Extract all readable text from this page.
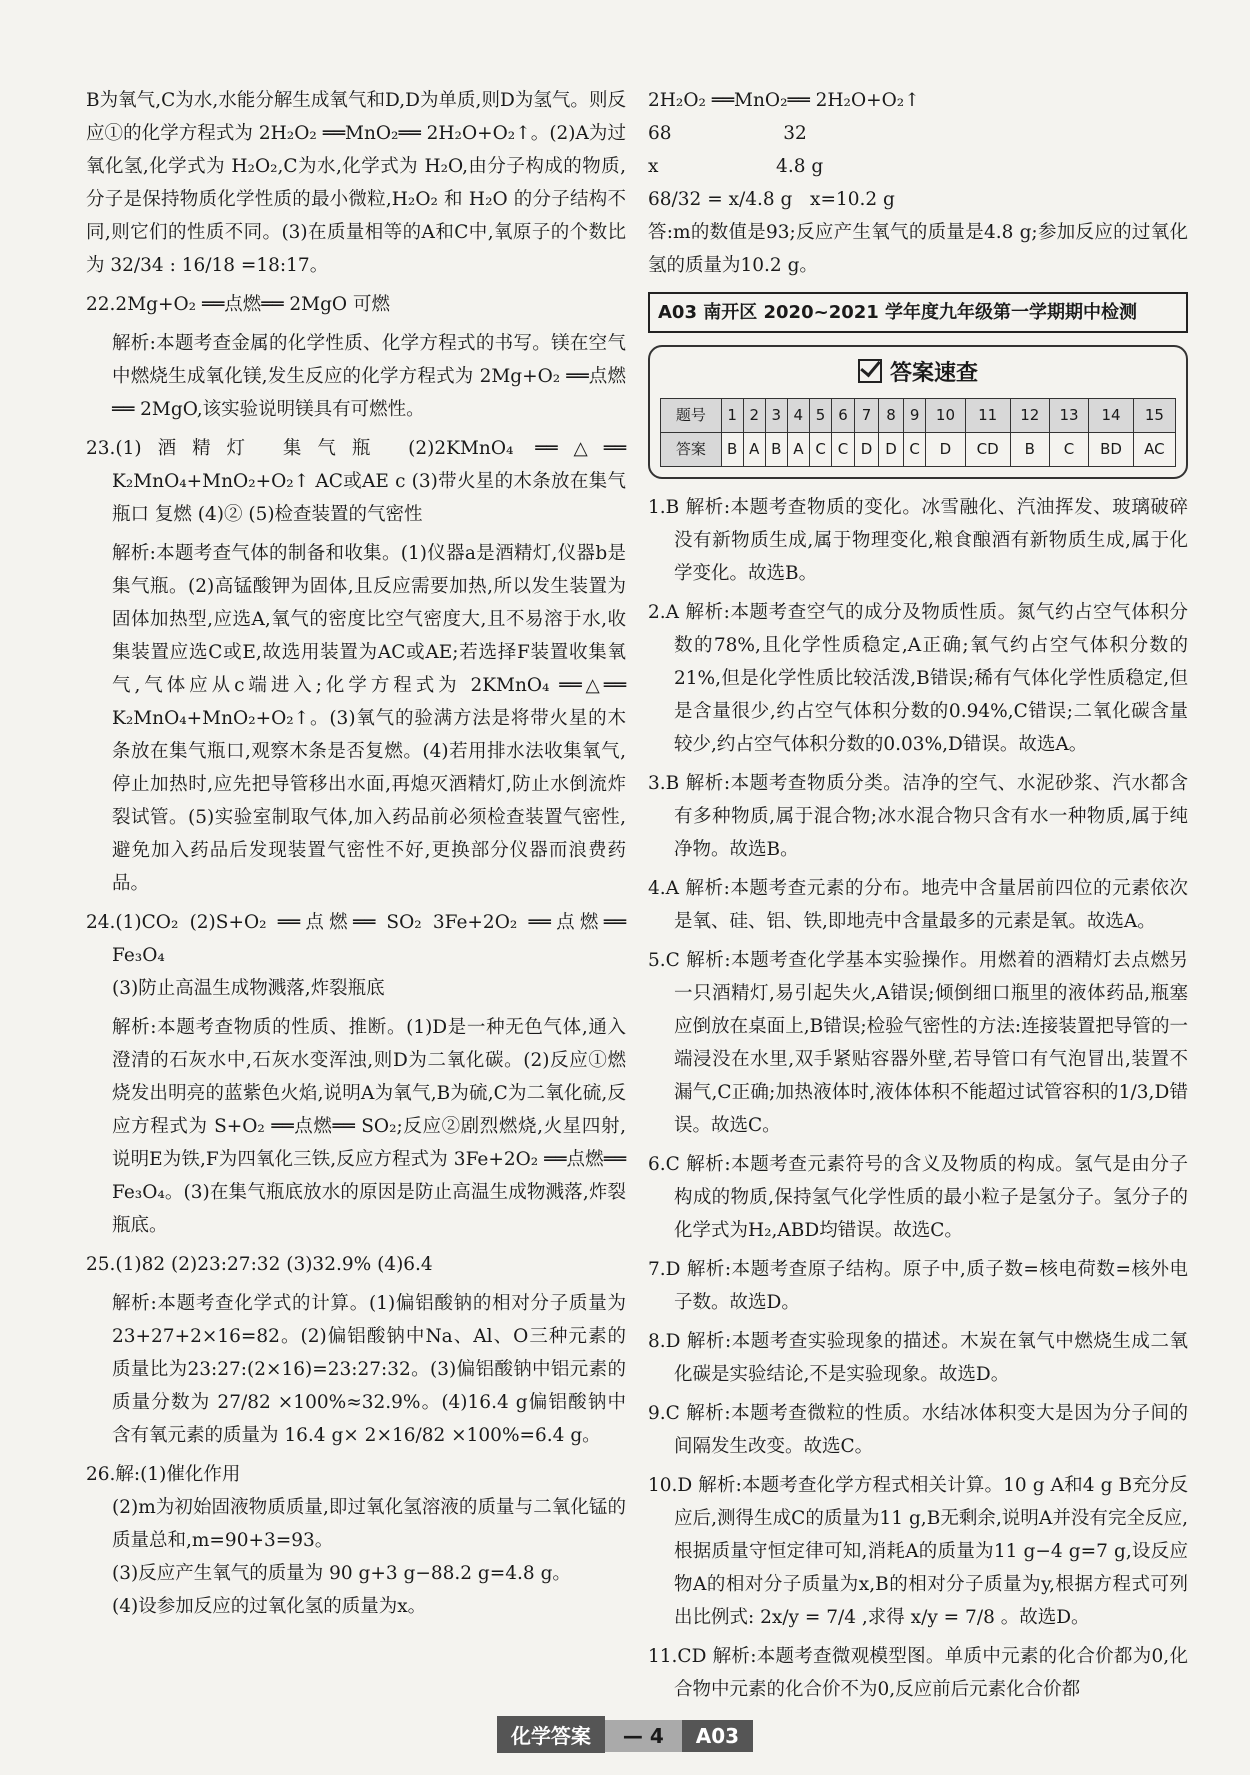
B为氧气,C为水,水能分解生成氧气和D,D为单质,则D为氢气。则反应①的化学方程式为 2H₂O₂ ══MnO₂══ 2H₂O+O₂↑。(2)A为过氧化氢,化学式为 H₂O₂,C为水,化学式为 H₂O,由分子构成的物质,分子是保持物质化学性质的最小微粒,H₂O₂ 和 H₂O 的分子结构不同,则它们的性质不同。(3)在质量相等的A和C中,氧原子的个数比为 32/34 : 16/18 =18:17。

22.2Mg+O₂ ══点燃══ 2MgO 可燃

解析:本题考查金属的化学性质、化学方程式的书写。镁在空气中燃烧生成氧化镁,发生反应的化学方程式为 2Mg+O₂ ══点燃══ 2MgO,该实验说明镁具有可燃性。

23.(1)酒精灯 集气瓶 (2)2KMnO₄ ══△══ K₂MnO₄+MnO₂+O₂↑ AC或AE c (3)带火星的木条放在集气瓶口 复燃 (4)② (5)检查装置的气密性

解析:本题考查气体的制备和收集。(1)仪器a是酒精灯,仪器b是集气瓶。(2)高锰酸钾为固体,且反应需要加热,所以发生装置为固体加热型,应选A,氧气的密度比空气密度大,且不易溶于水,收集装置应选C或E,故选用装置为AC或AE;若选择F装置收集氧气,气体应从c端进入;化学方程式为 2KMnO₄ ══△══ K₂MnO₄+MnO₂+O₂↑。(3)氧气的验满方法是将带火星的木条放在集气瓶口,观察木条是否复燃。(4)若用排水法收集氧气,停止加热时,应先把导管移出水面,再熄灭酒精灯,防止水倒流炸裂试管。(5)实验室制取气体,加入药品前必须检查装置气密性,避免加入药品后发现装置气密性不好,更换部分仪器而浪费药品。

24.(1)CO₂ (2)S+O₂ ══点燃══ SO₂ 3Fe+2O₂ ══点燃══ Fe₃O₄

(3)防止高温生成物溅落,炸裂瓶底

解析:本题考查物质的性质、推断。(1)D是一种无色气体,通入澄清的石灰水中,石灰水变浑浊,则D为二氧化碳。(2)反应①燃烧发出明亮的蓝紫色火焰,说明A为氧气,B为硫,C为二氧化硫,反应方程式为 S+O₂ ══点燃══ SO₂;反应②剧烈燃烧,火星四射,说明E为铁,F为四氧化三铁,反应方程式为 3Fe+2O₂ ══点燃══ Fe₃O₄。(3)在集气瓶底放水的原因是防止高温生成物溅落,炸裂瓶底。

25.(1)82 (2)23:27:32 (3)32.9% (4)6.4

解析:本题考查化学式的计算。(1)偏铝酸钠的相对分子质量为23+27+2×16=82。(2)偏铝酸钠中Na、Al、O三种元素的质量比为23:27:(2×16)=23:27:32。(3)偏铝酸钠中铝元素的质量分数为 27/82 ×100%≈32.9%。(4)16.4 g偏铝酸钠中含有氧元素的质量为 16.4 g× 2×16/82 ×100%=6.4 g。

26.解:(1)催化作用

(2)m为初始固液物质质量,即过氧化氢溶液的质量与二氧化锰的质量总和,m=90+3=93。

(3)反应产生氧气的质量为 90 g+3 g−88.2 g=4.8 g。

(4)设参加反应的过氧化氢的质量为x。

2H₂O₂ ══MnO₂══ 2H₂O+O₂↑
68                   32
x                    4.8 g
68/32 = x/4.8 g   x=10.2 g

答:m的数值是93;反应产生氧气的质量是4.8 g;参加反应的过氧化氢的质量为10.2 g。

A03 南开区 2020~2021 学年度九年级第一学期期中检测
答案速查
题号	1	2	3	4	5	6	7	8	9	10	11	12	13	14	15
答案	B	A	B	A	C	C	D	D	C	D	CD	B	C	BD	AC

1.B 解析:本题考查物质的变化。冰雪融化、汽油挥发、玻璃破碎没有新物质生成,属于物理变化,粮食酿酒有新物质生成,属于化学变化。故选B。

2.A 解析:本题考查空气的成分及物质性质。氮气约占空气体积分数的78%,且化学性质稳定,A正确;氧气约占空气体积分数的21%,但是化学性质比较活泼,B错误;稀有气体化学性质稳定,但是含量很少,约占空气体积分数的0.94%,C错误;二氧化碳含量较少,约占空气体积分数的0.03%,D错误。故选A。

3.B 解析:本题考查物质分类。洁净的空气、水泥砂浆、汽水都含有多种物质,属于混合物;冰水混合物只含有水一种物质,属于纯净物。故选B。

4.A 解析:本题考查元素的分布。地壳中含量居前四位的元素依次是氧、硅、铝、铁,即地壳中含量最多的元素是氧。故选A。

5.C 解析:本题考查化学基本实验操作。用燃着的酒精灯去点燃另一只酒精灯,易引起失火,A错误;倾倒细口瓶里的液体药品,瓶塞应倒放在桌面上,B错误;检验气密性的方法:连接装置把导管的一端浸没在水里,双手紧贴容器外壁,若导管口有气泡冒出,装置不漏气,C正确;加热液体时,液体体积不能超过试管容积的1/3,D错误。故选C。

6.C 解析:本题考查元素符号的含义及物质的构成。氢气是由分子构成的物质,保持氢气化学性质的最小粒子是氢分子。氢分子的化学式为H₂,ABD均错误。故选C。

7.D 解析:本题考查原子结构。原子中,质子数=核电荷数=核外电子数。故选D。

8.D 解析:本题考查实验现象的描述。木炭在氧气中燃烧生成二氧化碳是实验结论,不是实验现象。故选D。

9.C 解析:本题考查微粒的性质。水结冰体积变大是因为分子间的间隔发生改变。故选C。

10.D 解析:本题考查化学方程式相关计算。10 g A和4 g B充分反应后,测得生成C的质量为11 g,B无剩余,说明A并没有完全反应,根据质量守恒定律可知,消耗A的质量为11 g−4 g=7 g,设反应物A的相对分子质量为x,B的相对分子质量为y,根据方程式可列出比例式: 2x/y = 7/4 ,求得 x/y = 7/8 。故选D。

11.CD 解析:本题考查微观模型图。单质中元素的化合价都为0,化合物中元素的化合价不为0,反应前后元素化合价都

化学答案 — 4 A03
